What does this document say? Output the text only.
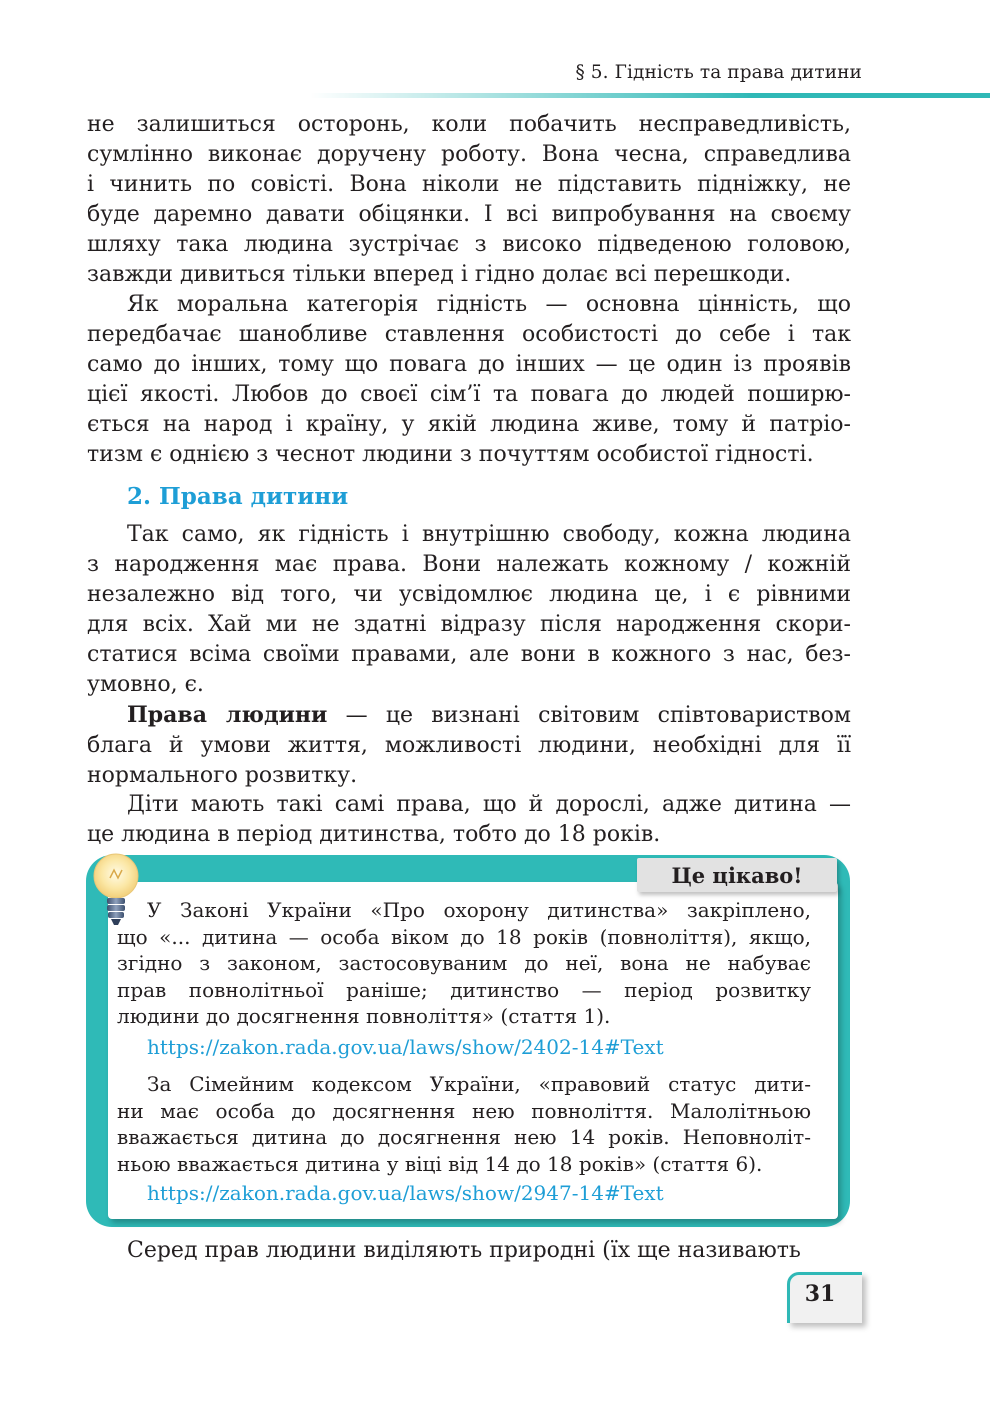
§ 5. Гідність та права дитини
не залишиться осторонь, коли побачить несправедливість,
сумлінно виконає доручену роботу. Вона чесна, справедлива
і чинить по совісті. Вона ніколи не підставить підніжку, не
буде даремно давати обіцянки. І всі випробування на своєму
шляху така людина зустрічає з високо підведеною головою,
завжди дивиться тільки вперед і гідно долає всі перешкоди.
Як моральна категорія гідність — основна цінність, що
передбачає шанобливе ставлення особистості до себе і так
само до інших, тому що повага до інших — це один із проявів
цієї якості. Любов до своєї сім’ї та повага до людей поширю-
ється на народ і країну, у якій людина живе, тому й патріо-
тизм є однією з чеснот людини з почуттям особистої гідності.
2. Права дитини
Так само, як гідність і внутрішню свободу, кожна людина
з народження має права. Вони належать кожному / кожній
незалежно від того, чи усвідомлює людина це, і є рівними
для всіх. Хай ми не здатні відразу після народження скори-
статися всіма своїми правами, але вони в кожного з нас, без-
умовно, є.
Права людини — це визнані світовим співтовариством
блага й умови життя, можливості людини, необхідні для її
нормального розвитку.
Діти мають такі самі права, що й дорослі, адже дитина —
це людина в період дитинства, тобто до 18 років.
Це цікаво!
У Законі України «Про охорону дитинства» закріплено,
що «... дитина — особа віком до 18 років (повноліття), якщо,
згідно з законом, застосовуваним до неї, вона не набуває
прав повнолітньої раніше; дитинство — період розвитку
людини до досягнення повноліття» (стаття 1).
https://zakon.rada.gov.ua/laws/show/2402-14#Text
За Сімейним кодексом України, «правовий статус дити-
ни має особа до досягнення нею повноліття. Малолітньою
вважається дитина до досягнення нею 14 років. Неповноліт-
ньою вважається дитина у віці від 14 до 18 років» (стаття 6).
https://zakon.rada.gov.ua/laws/show/2947-14#Text
Серед прав людини виділяють природні (їх ще називають
31
